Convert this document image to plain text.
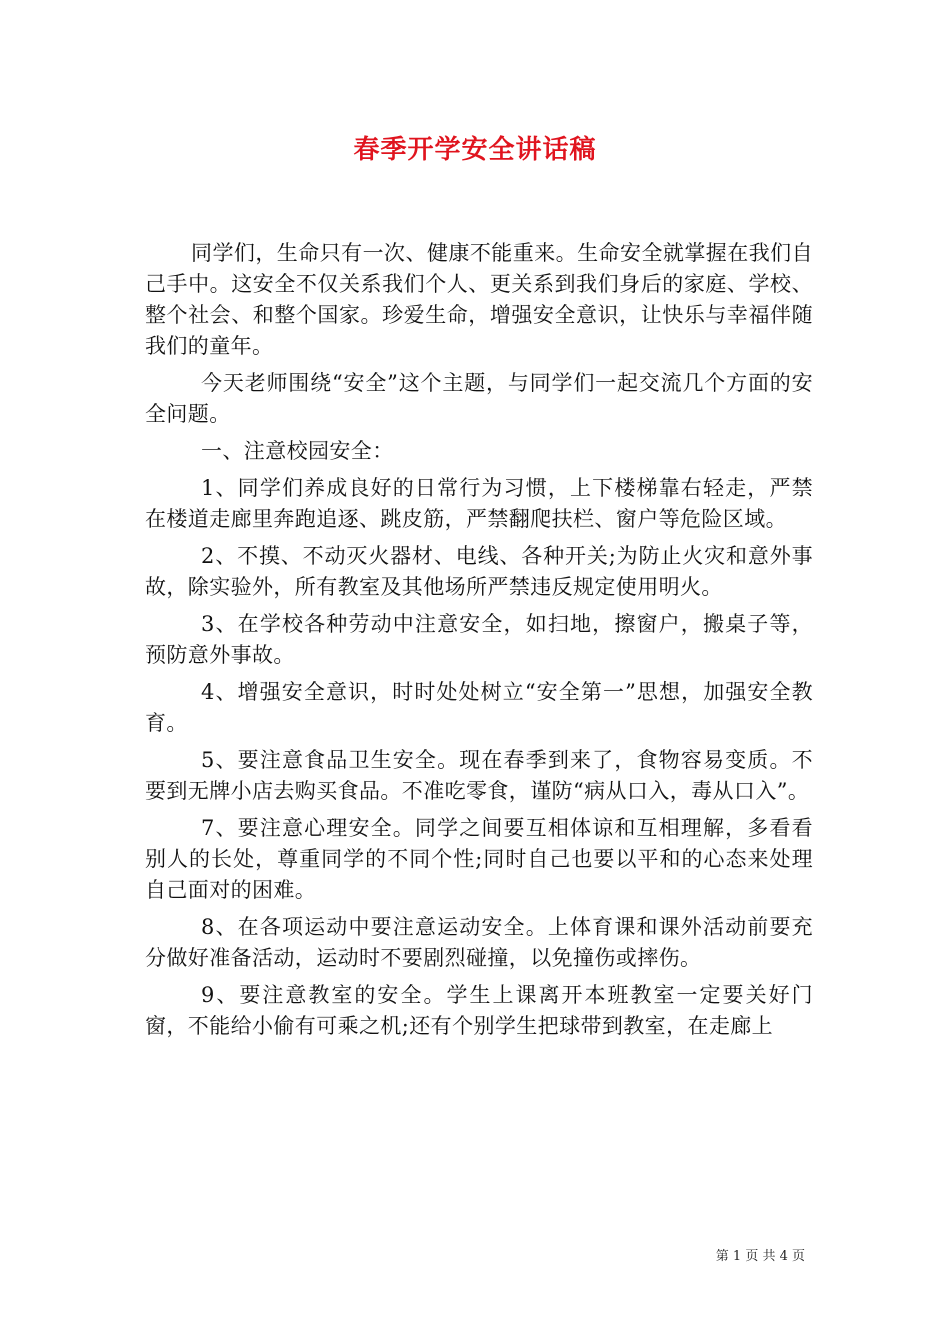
春季开学安全讲话稿

同学们，生命只有一次、健康不能重来。生命安全就掌握在我们自己手中。这安全不仅关系我们个人、更关系到我们身后的家庭、学校、整个社会、和整个国家。珍爱生命，增强安全意识，让快乐与幸福伴随我们的童年。

今天老师围绕“安全”这个主题，与同学们一起交流几个方面的安全问题。

一、注意校园安全：

1、同学们养成良好的日常行为习惯，上下楼梯靠右轻走，严禁在楼道走廊里奔跑追逐、跳皮筋，严禁翻爬扶栏、窗户等危险区域。

2、不摸、不动灭火器材、电线、各种开关;为防止火灾和意外事故，除实验外，所有教室及其他场所严禁违反规定使用明火。

3、在学校各种劳动中注意安全，如扫地，擦窗户，搬桌子等，预防意外事故。

4、增强安全意识，时时处处树立“安全第一”思想，加强安全教育。

5、要注意食品卫生安全。现在春季到来了，食物容易变质。不要到无牌小店去购买食品。不准吃零食，谨防“病从口入，毒从口入”。

7、要注意心理安全。同学之间要互相体谅和互相理解，多看看别人的长处，尊重同学的不同个性;同时自己也要以平和的心态来处理自己面对的困难。

8、在各项运动中要注意运动安全。上体育课和课外活动前要充分做好准备活动，运动时不要剧烈碰撞，以免撞伤或摔伤。

9、要注意教室的安全。学生上课离开本班教室一定要关好门窗，不能给小偷有可乘之机;还有个别学生把球带到教室，在走廊上

第 1 页 共 4 页
